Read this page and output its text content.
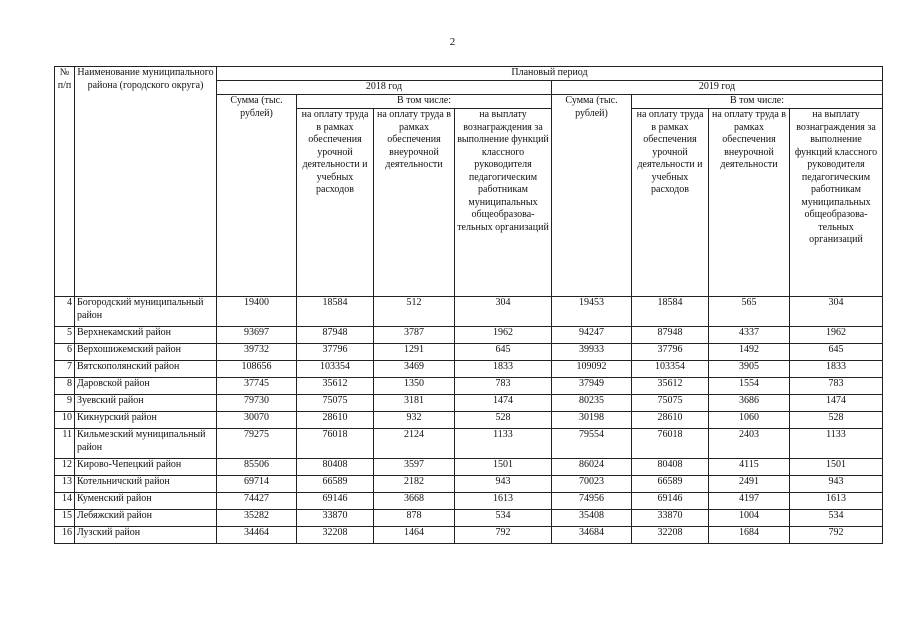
2
№ п/п	Наименование муниципального района (городского округа)	Плановый период							
		2018 год				2019 год			
		Сумма (тыс. рублей)	В том числе:			Сумма (тыс. рублей)	В том числе:		
			на оплату труда в рамках обеспечения урочной деятельности и учебных расходов	на оплату труда в рамках обеспечения внеурочной деятельности	на выплату вознаграждения за выполнение функций классного руководителя педагогическим работникам муниципальных общеобразова-тельных организаций		на оплату труда в рамках обеспечения урочной деятельности и учебных расходов	на оплату труда в рамках обеспечения внеурочной деятельности	на выплату вознаграждения за выполнение функций классного руководителя педагогическим работникам муниципальных общеобразова-тельных организаций
4	Богородский муниципальный район	19400	18584	512	304	19453	18584	565	304
5	Верхнекамский район	93697	87948	3787	1962	94247	87948	4337	1962
6	Верхошижемский район	39732	37796	1291	645	39933	37796	1492	645
7	Вятскополянский район	108656	103354	3469	1833	109092	103354	3905	1833
8	Даровской район	37745	35612	1350	783	37949	35612	1554	783
9	Зуевский район	79730	75075	3181	1474	80235	75075	3686	1474
10	Кикнурский район	30070	28610	932	528	30198	28610	1060	528
11	Кильмезский муниципальный район	79275	76018	2124	1133	79554	76018	2403	1133
12	Кирово-Чепецкий район	85506	80408	3597	1501	86024	80408	4115	1501
13	Котельничский район	69714	66589	2182	943	70023	66589	2491	943
14	Куменский район	74427	69146	3668	1613	74956	69146	4197	1613
15	Лебяжский район	35282	33870	878	534	35408	33870	1004	534
16	Лузский район	34464	32208	1464	792	34684	32208	1684	792
